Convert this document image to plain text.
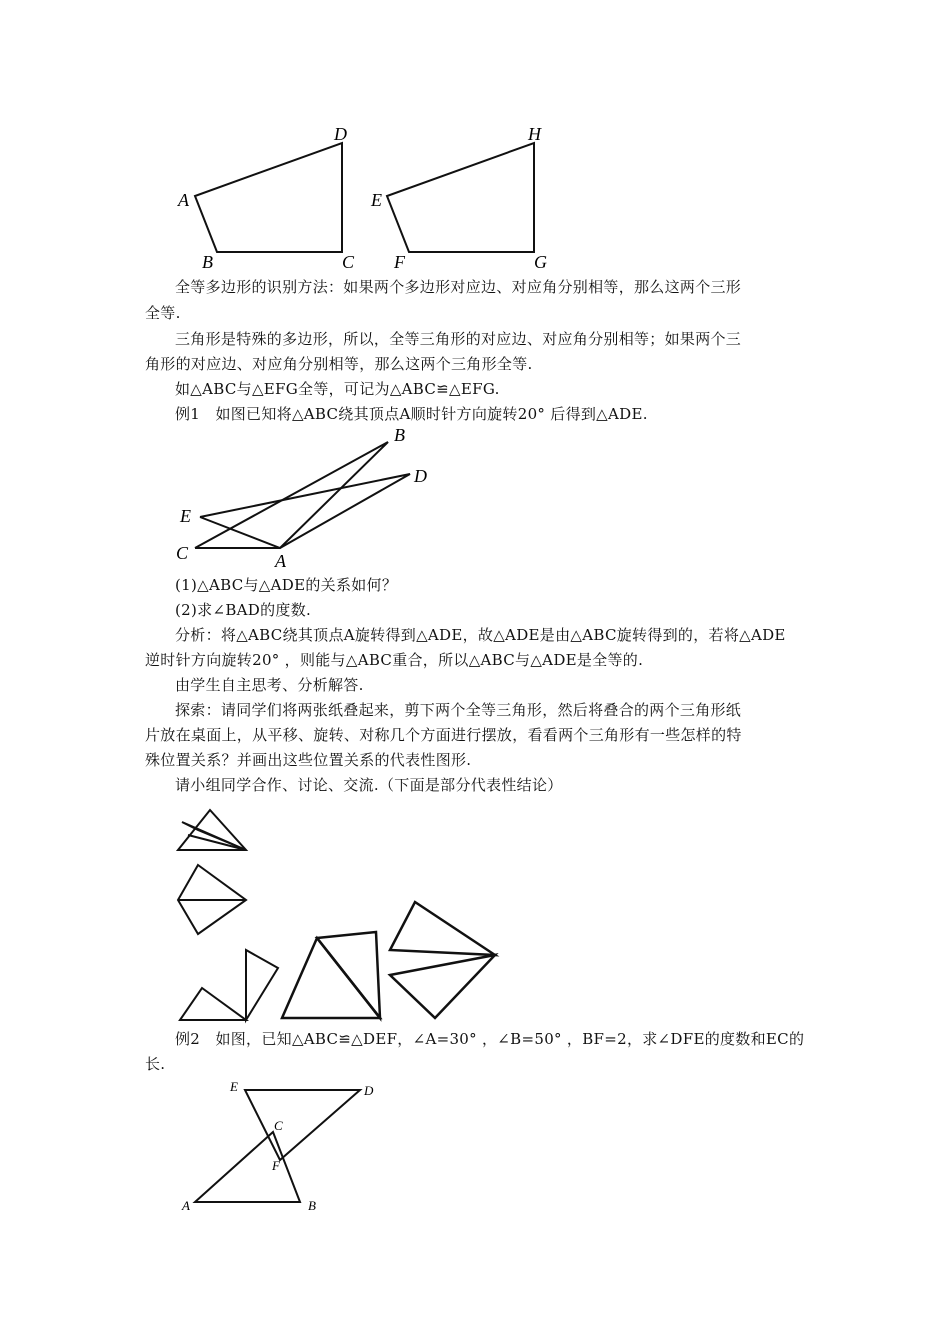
A
B	C
D
E
F	G
H
全等多边形的识别方法：如果两个多边形对应边、对应角分别相等，那么这两个三形
全等.
三角形是特殊的多边形，所以，全等三角形的对应边、对应角分别相等；如果两个三
角形的对应边、对应角分别相等，那么这两个三角形全等.
如△ABC与△EFG全等，可记为△ABC≌△EFG.
例1　如图已知将△ABC绕其顶点A顺时针方向旋转20° 后得到△ADE.
B
D
E
C	A
(1)△ABC与△ADE的关系如何？
(2)求∠BAD的度数.
分析：将△ABC绕其顶点A旋转得到△ADE，故△ADE是由△ABC旋转得到的，若将△ADE
逆时针方向旋转20° ，则能与△ABC重合，所以△ABC与△ADE是全等的.
由学生自主思考、分析解答.
探索：请同学们将两张纸叠起来，剪下两个全等三角形，然后将叠合的两个三角形纸
片放在桌面上，从平移、旋转、对称几个方面进行摆放，看看两个三角形有一些怎样的特
殊位置关系？并画出这些位置关系的代表性图形.
请小组同学合作、讨论、交流.（下面是部分代表性结论）
例2　如图，已知△ABC≌△DEF，∠A=30° ，∠B=50° ，BF=2，求∠DFE的度数和EC的
长.
E	D
C
F
A	B
